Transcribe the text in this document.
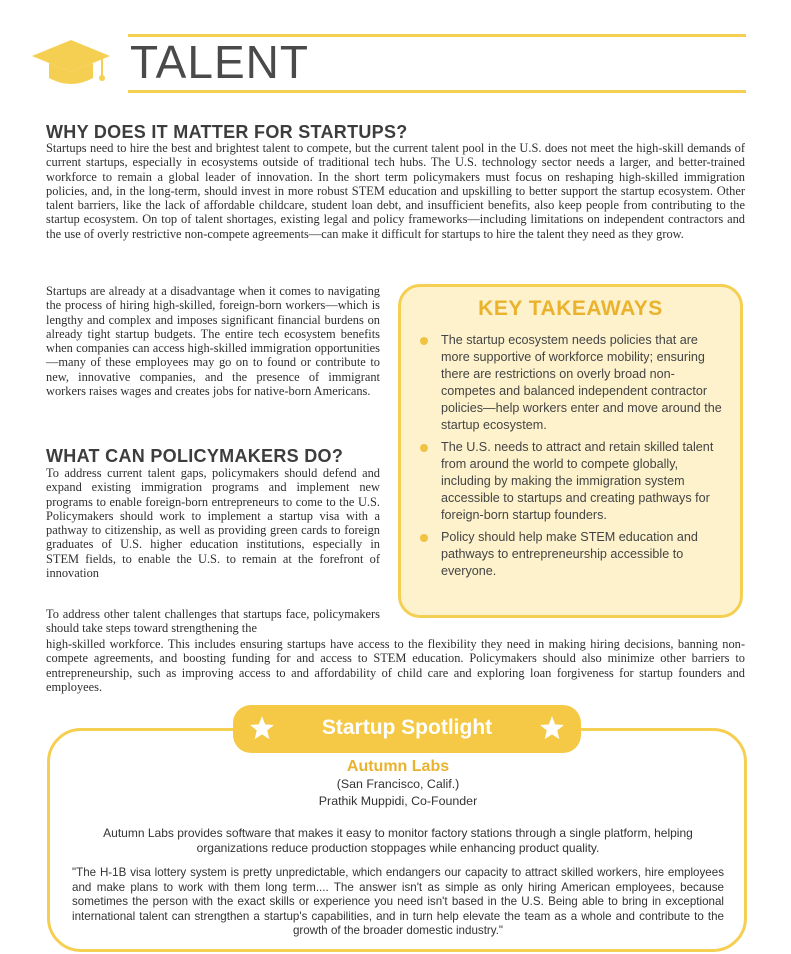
TALENT
WHY DOES IT MATTER FOR STARTUPS?

Startups need to hire the best and brightest talent to compete, but the current talent pool in the U.S. does not meet the high-skill demands of current startups, especially in ecosystems outside of traditional tech hubs. The U.S. technology sector needs a larger, and better-trained workforce to remain a global leader of innovation. In the short term policymakers must focus on reshaping high-skilled immigration policies, and, in the long-term, should invest in more robust STEM education and upskilling to better support the startup ecosystem. Other talent barriers, like the lack of affordable childcare, student loan debt, and insufficient benefits, also keep people from contributing to the startup ecosystem. On top of talent shortages, existing legal and policy frameworks—including limitations on independent contractors and the use of overly restrictive non-compete agreements—can make it difficult for startups to hire the talent they need as they grow.

Startups are already at a disadvantage when it comes to navigating the process of hiring high-skilled, foreign-born workers—which is lengthy and complex and imposes significant financial burdens on already tight startup budgets. The entire tech ecosystem benefits when companies can access high-skilled immigration opportunities—many of these employees may go on to found or contribute to new, innovative companies, and the presence of immigrant workers raises wages and creates jobs for native-born Americans.

WHAT CAN POLICYMAKERS DO?

To address current talent gaps, policymakers should defend and expand existing immigration programs and implement new programs to enable foreign-born entrepreneurs to come to the U.S. Policymakers should work to implement a startup visa with a pathway to citizenship, as well as providing green cards to foreign graduates of U.S. higher education institutions, especially in STEM fields, to enable the U.S. to remain at the forefront of innovation

To address other talent challenges that startups face, policymakers should take steps toward strengthening the

high-skilled workforce. This includes ensuring startups have access to the flexibility they need in making hiring decisions, banning non-compete agreements, and boosting funding for and access to STEM education. Policymakers should also minimize other barriers to entrepreneurship, such as improving access to and affordability of child care and exploring loan forgiveness for startup founders and employees.

KEY TAKEAWAYS
The startup ecosystem needs policies that are more supportive of workforce mobility; ensuring there are restrictions on overly broad non-competes and balanced independent contractor policies—help workers enter and move around the startup ecosystem.
The U.S. needs to attract and retain skilled talent from around the world to compete globally, including by making the immigration system accessible to startups and creating pathways for foreign-born startup founders.
Policy should help make STEM education and pathways to entrepreneurship accessible to everyone.
Startup Spotlight
Autumn Labs
(San Francisco, Calif.)
Prathik Muppidi, Co-Founder
Autumn Labs provides software that makes it easy to monitor factory stations through a single platform, helping organizations reduce production stoppages while enhancing product quality.
"The H-1B visa lottery system is pretty unpredictable, which endangers our capacity to attract skilled workers, hire employees and make plans to work with them long term.... The answer isn't as simple as only hiring American employees, because sometimes the person with the exact skills or experience you need isn't based in the U.S. Being able to bring in exceptional international talent can strengthen a startup's capabilities, and in turn help elevate the team as a whole and contribute to the growth of the broader domestic industry."
